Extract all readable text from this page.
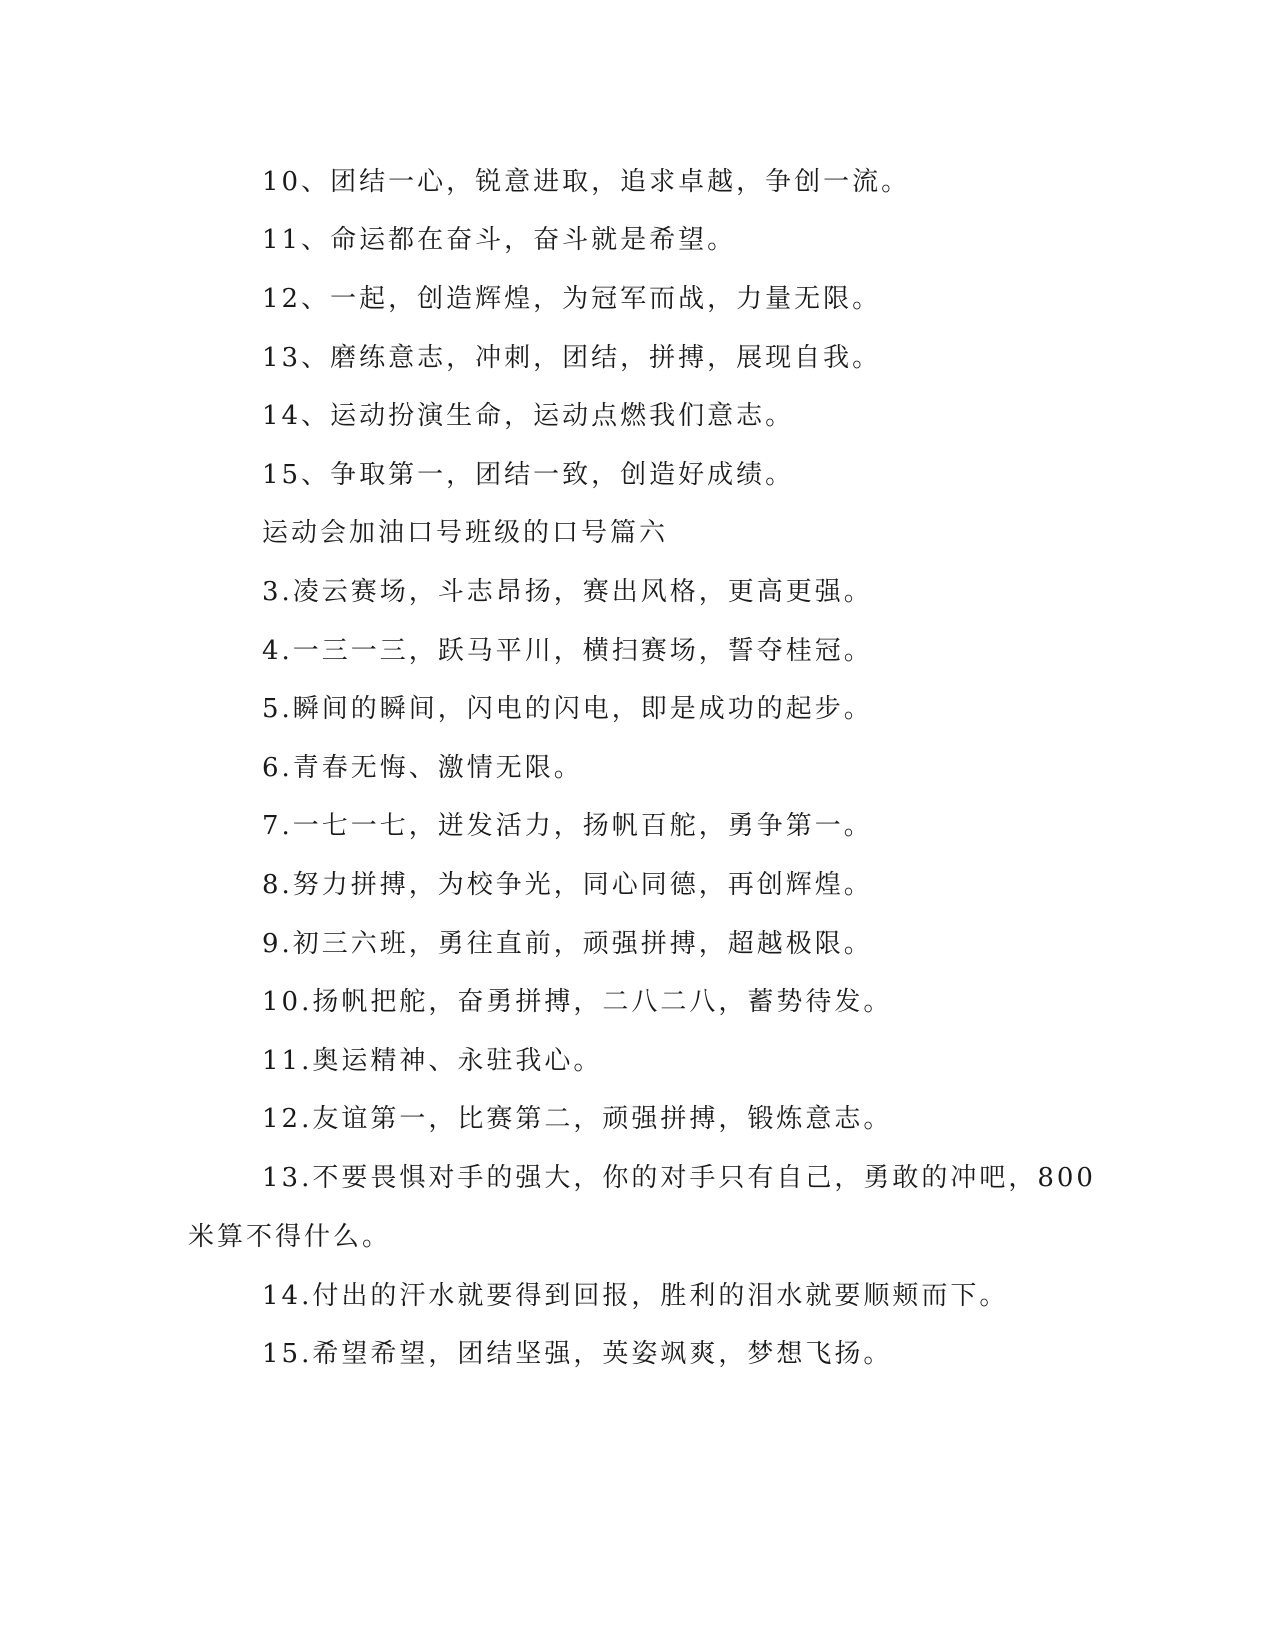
10、团结一心，锐意进取，追求卓越，争创一流。

11、命运都在奋斗，奋斗就是希望。

12、一起，创造辉煌，为冠军而战，力量无限。

13、磨练意志，冲刺，团结，拼搏，展现自我。

14、运动扮演生命，运动点燃我们意志。

15、争取第一，团结一致，创造好成绩。

运动会加油口号班级的口号篇六

3.凌云赛场，斗志昂扬，赛出风格，更高更强。

4.一三一三，跃马平川，横扫赛场，誓夺桂冠。

5.瞬间的瞬间，闪电的闪电，即是成功的起步。

6.青春无悔、激情无限。

7.一七一七，迸发活力，扬帆百舵，勇争第一。

8.努力拼搏，为校争光，同心同德，再创辉煌。

9.初三六班，勇往直前，顽强拼搏，超越极限。

10.扬帆把舵，奋勇拼搏，二八二八，蓄势待发。

11.奥运精神、永驻我心。

12.友谊第一，比赛第二，顽强拼搏，锻炼意志。

13.不要畏惧对手的强大，你的对手只有自己，勇敢的冲吧，800

米算不得什么。

14.付出的汗水就要得到回报，胜利的泪水就要顺颊而下。

15.希望希望，团结坚强，英姿飒爽，梦想飞扬。
